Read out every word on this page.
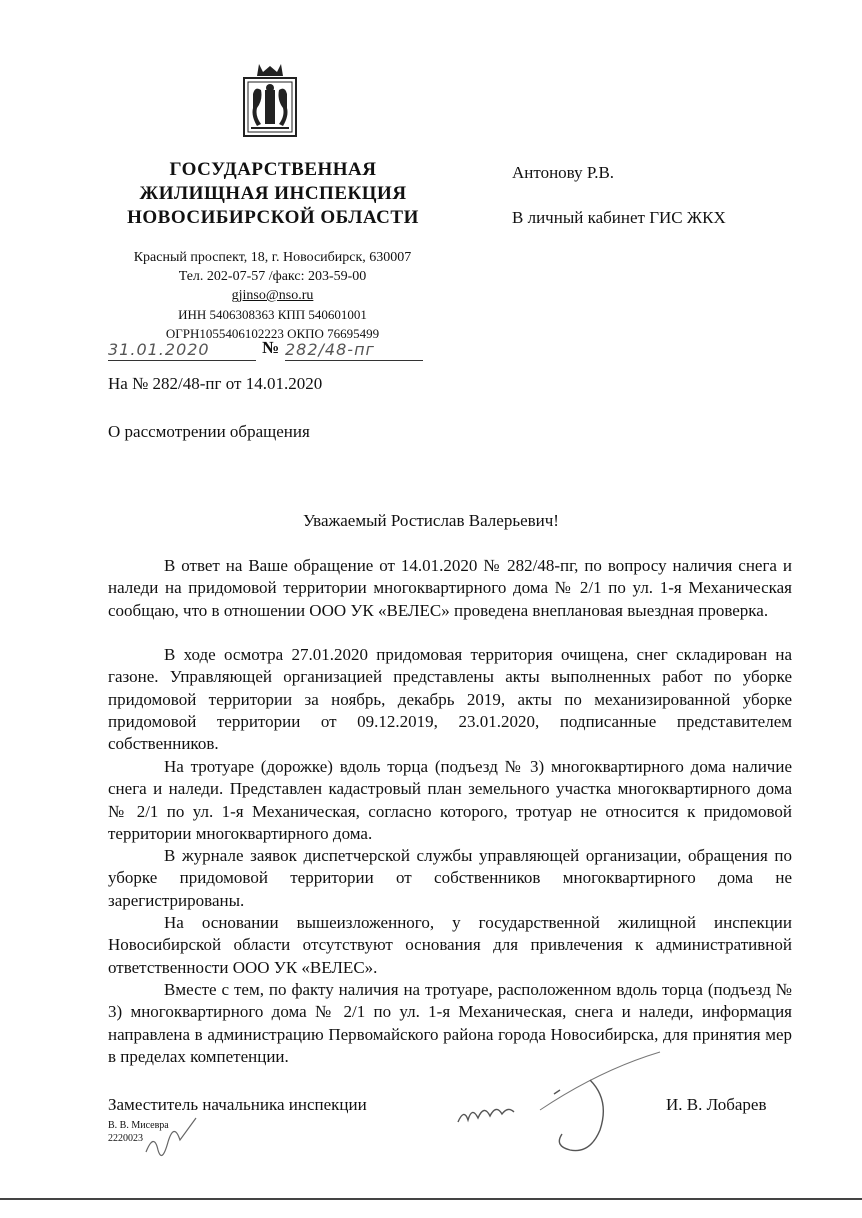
ГОСУДАРСТВЕННАЯ
ЖИЛИЩНАЯ ИНСПЕКЦИЯ
НОВОСИБИРСКОЙ ОБЛАСТИ
Красный проспект, 18, г. Новосибирск, 630007
Тел. 202-07-57 /факс: 203-59-00
gjinso@nso.ru
ИНН 5406308363 КПП 540601001
ОГРН1055406102223 ОКПО 76695499
31.01.2020	№ 282/48-пг
Антонову Р.В.
В личный кабинет ГИС ЖКХ
На № 282/48-пг от 14.01.2020
О рассмотрении обращения
Уважаемый Ростислав Валерьевич!
В ответ на Ваше обращение от 14.01.2020 № 282/48-пг, по вопросу наличия снега и наледи на придомовой территории многоквартирного дома № 2/1 по ул. 1-я Механическая сообщаю, что в отношении ООО УК «ВЕЛЕС» проведена внеплановая выездная проверка.
В ходе осмотра 27.01.2020 придомовая территория очищена, снег складирован на газоне. Управляющей организацией представлены акты выполненных работ по уборке придомовой территории за ноябрь, декабрь 2019, акты по механизированной уборке придомовой территории от 09.12.2019, 23.01.2020, подписанные представителем собственников.
На тротуаре (дорожке) вдоль торца (подъезд № 3) многоквартирного дома наличие снега и наледи. Представлен кадастровый план земельного участка многоквартирного дома № 2/1 по ул. 1-я Механическая, согласно которого, тротуар не относится к придомовой территории многоквартирного дома.
В журнале заявок диспетчерской службы управляющей организации, обращения по уборке придомовой территории от собственников многоквартирного дома не зарегистрированы.
На основании вышеизложенного, у государственной жилищной инспекции Новосибирской области отсутствуют основания для привлечения к административной ответственности ООО УК «ВЕЛЕС».
Вместе с тем, по факту наличия на тротуаре, расположенном вдоль торца (подъезд № 3) многоквартирного дома № 2/1 по ул. 1-я Механическая, снега и наледи, информация направлена в администрацию Первомайского района города Новосибирска, для принятия мер в пределах компетенции.
Заместитель начальника инспекции	И. В. Лобарев
В. В. Мисевра
2220023
